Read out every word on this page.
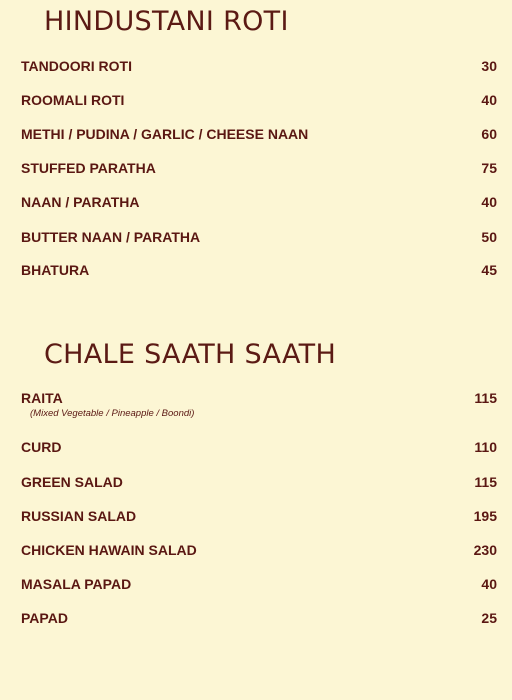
HINDUSTANI ROTI
TANDOORI ROTI	30
ROOMALI ROTI	40
METHI / PUDINA / GARLIC / CHEESE NAAN	60
STUFFED PARATHA	75
NAAN / PARATHA	40
BUTTER NAAN / PARATHA	50
BHATURA	45
CHALE SAATH SAATH
RAITA	115
(Mixed Vegetable / Pineapple / Boondi)
CURD	110
GREEN SALAD	115
RUSSIAN SALAD	195
CHICKEN HAWAIN SALAD	230
MASALA PAPAD	40
PAPAD	25
